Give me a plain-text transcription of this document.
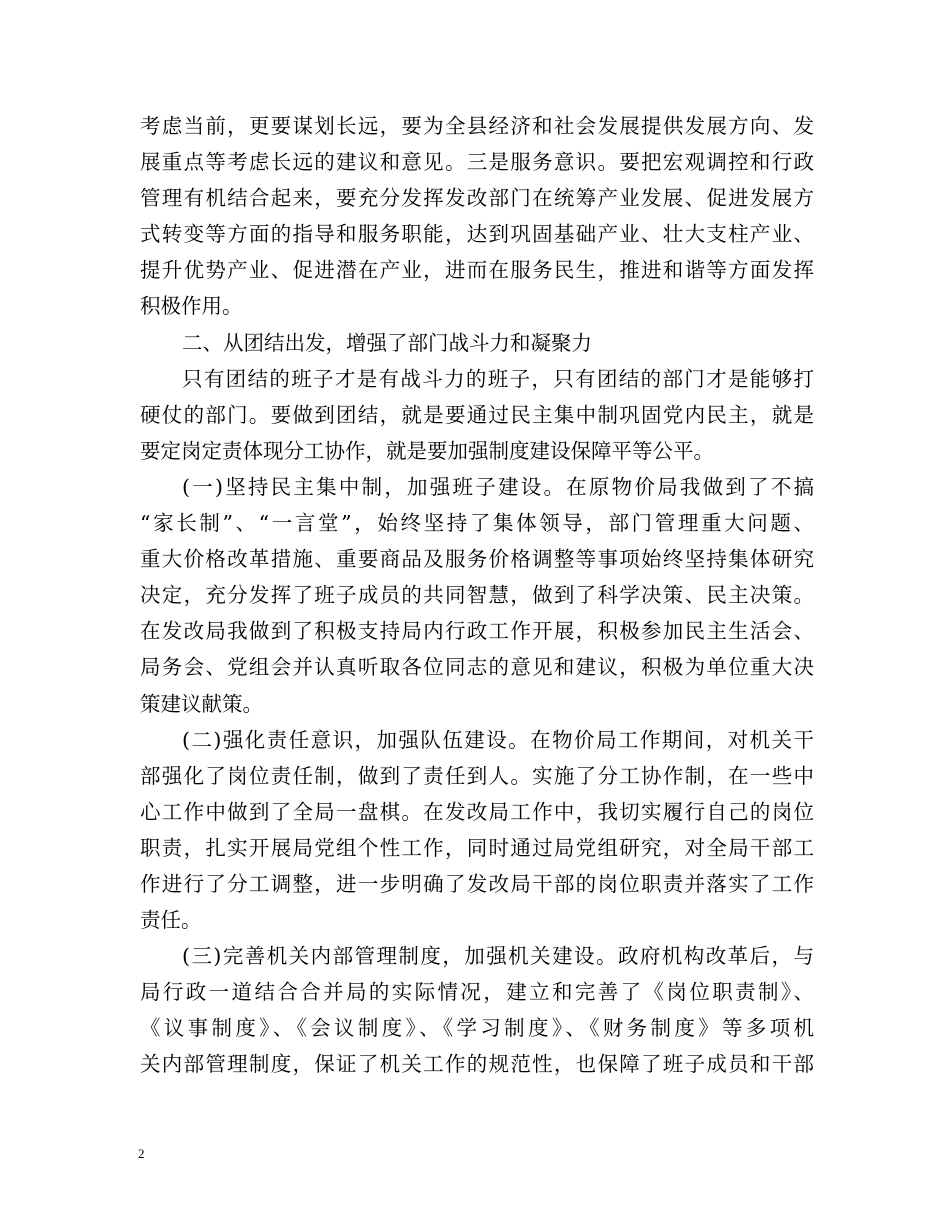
考虑当前，更要谋划长远，要为全县经济和社会发展提供发展方向、发
展重点等考虑长远的建议和意见。三是服务意识。要把宏观调控和行政
管理有机结合起来，要充分发挥发改部门在统筹产业发展、促进发展方
式转变等方面的指导和服务职能，达到巩固基础产业、壮大支柱产业、
提升优势产业、促进潜在产业，进而在服务民生，推进和谐等方面发挥
积极作用。
二、从团结出发，增强了部门战斗力和凝聚力
只有团结的班子才是有战斗力的班子，只有团结的部门才是能够打
硬仗的部门。要做到团结，就是要通过民主集中制巩固党内民主，就是
要定岗定责体现分工协作，就是要加强制度建设保障平等公平。
(一)坚持民主集中制，加强班子建设。在原物价局我做到了不搞
“家长制”、“一言堂”，始终坚持了集体领导，部门管理重大问题、
重大价格改革措施、重要商品及服务价格调整等事项始终坚持集体研究
决定，充分发挥了班子成员的共同智慧，做到了科学决策、民主决策。
在发改局我做到了积极支持局内行政工作开展，积极参加民主生活会、
局务会、党组会并认真听取各位同志的意见和建议，积极为单位重大决
策建议献策。
(二)强化责任意识，加强队伍建设。在物价局工作期间，对机关干
部强化了岗位责任制，做到了责任到人。实施了分工协作制，在一些中
心工作中做到了全局一盘棋。在发改局工作中，我切实履行自己的岗位
职责，扎实开展局党组个性工作，同时通过局党组研究，对全局干部工
作进行了分工调整，进一步明确了发改局干部的岗位职责并落实了工作
责任。
(三)完善机关内部管理制度，加强机关建设。政府机构改革后，与
局行政一道结合合并局的实际情况，建立和完善了《岗位职责制》、
《议事制度》、《会议制度》、《学习制度》、《财务制度》等多项机
关内部管理制度，保证了机关工作的规范性，也保障了班子成员和干部
2
